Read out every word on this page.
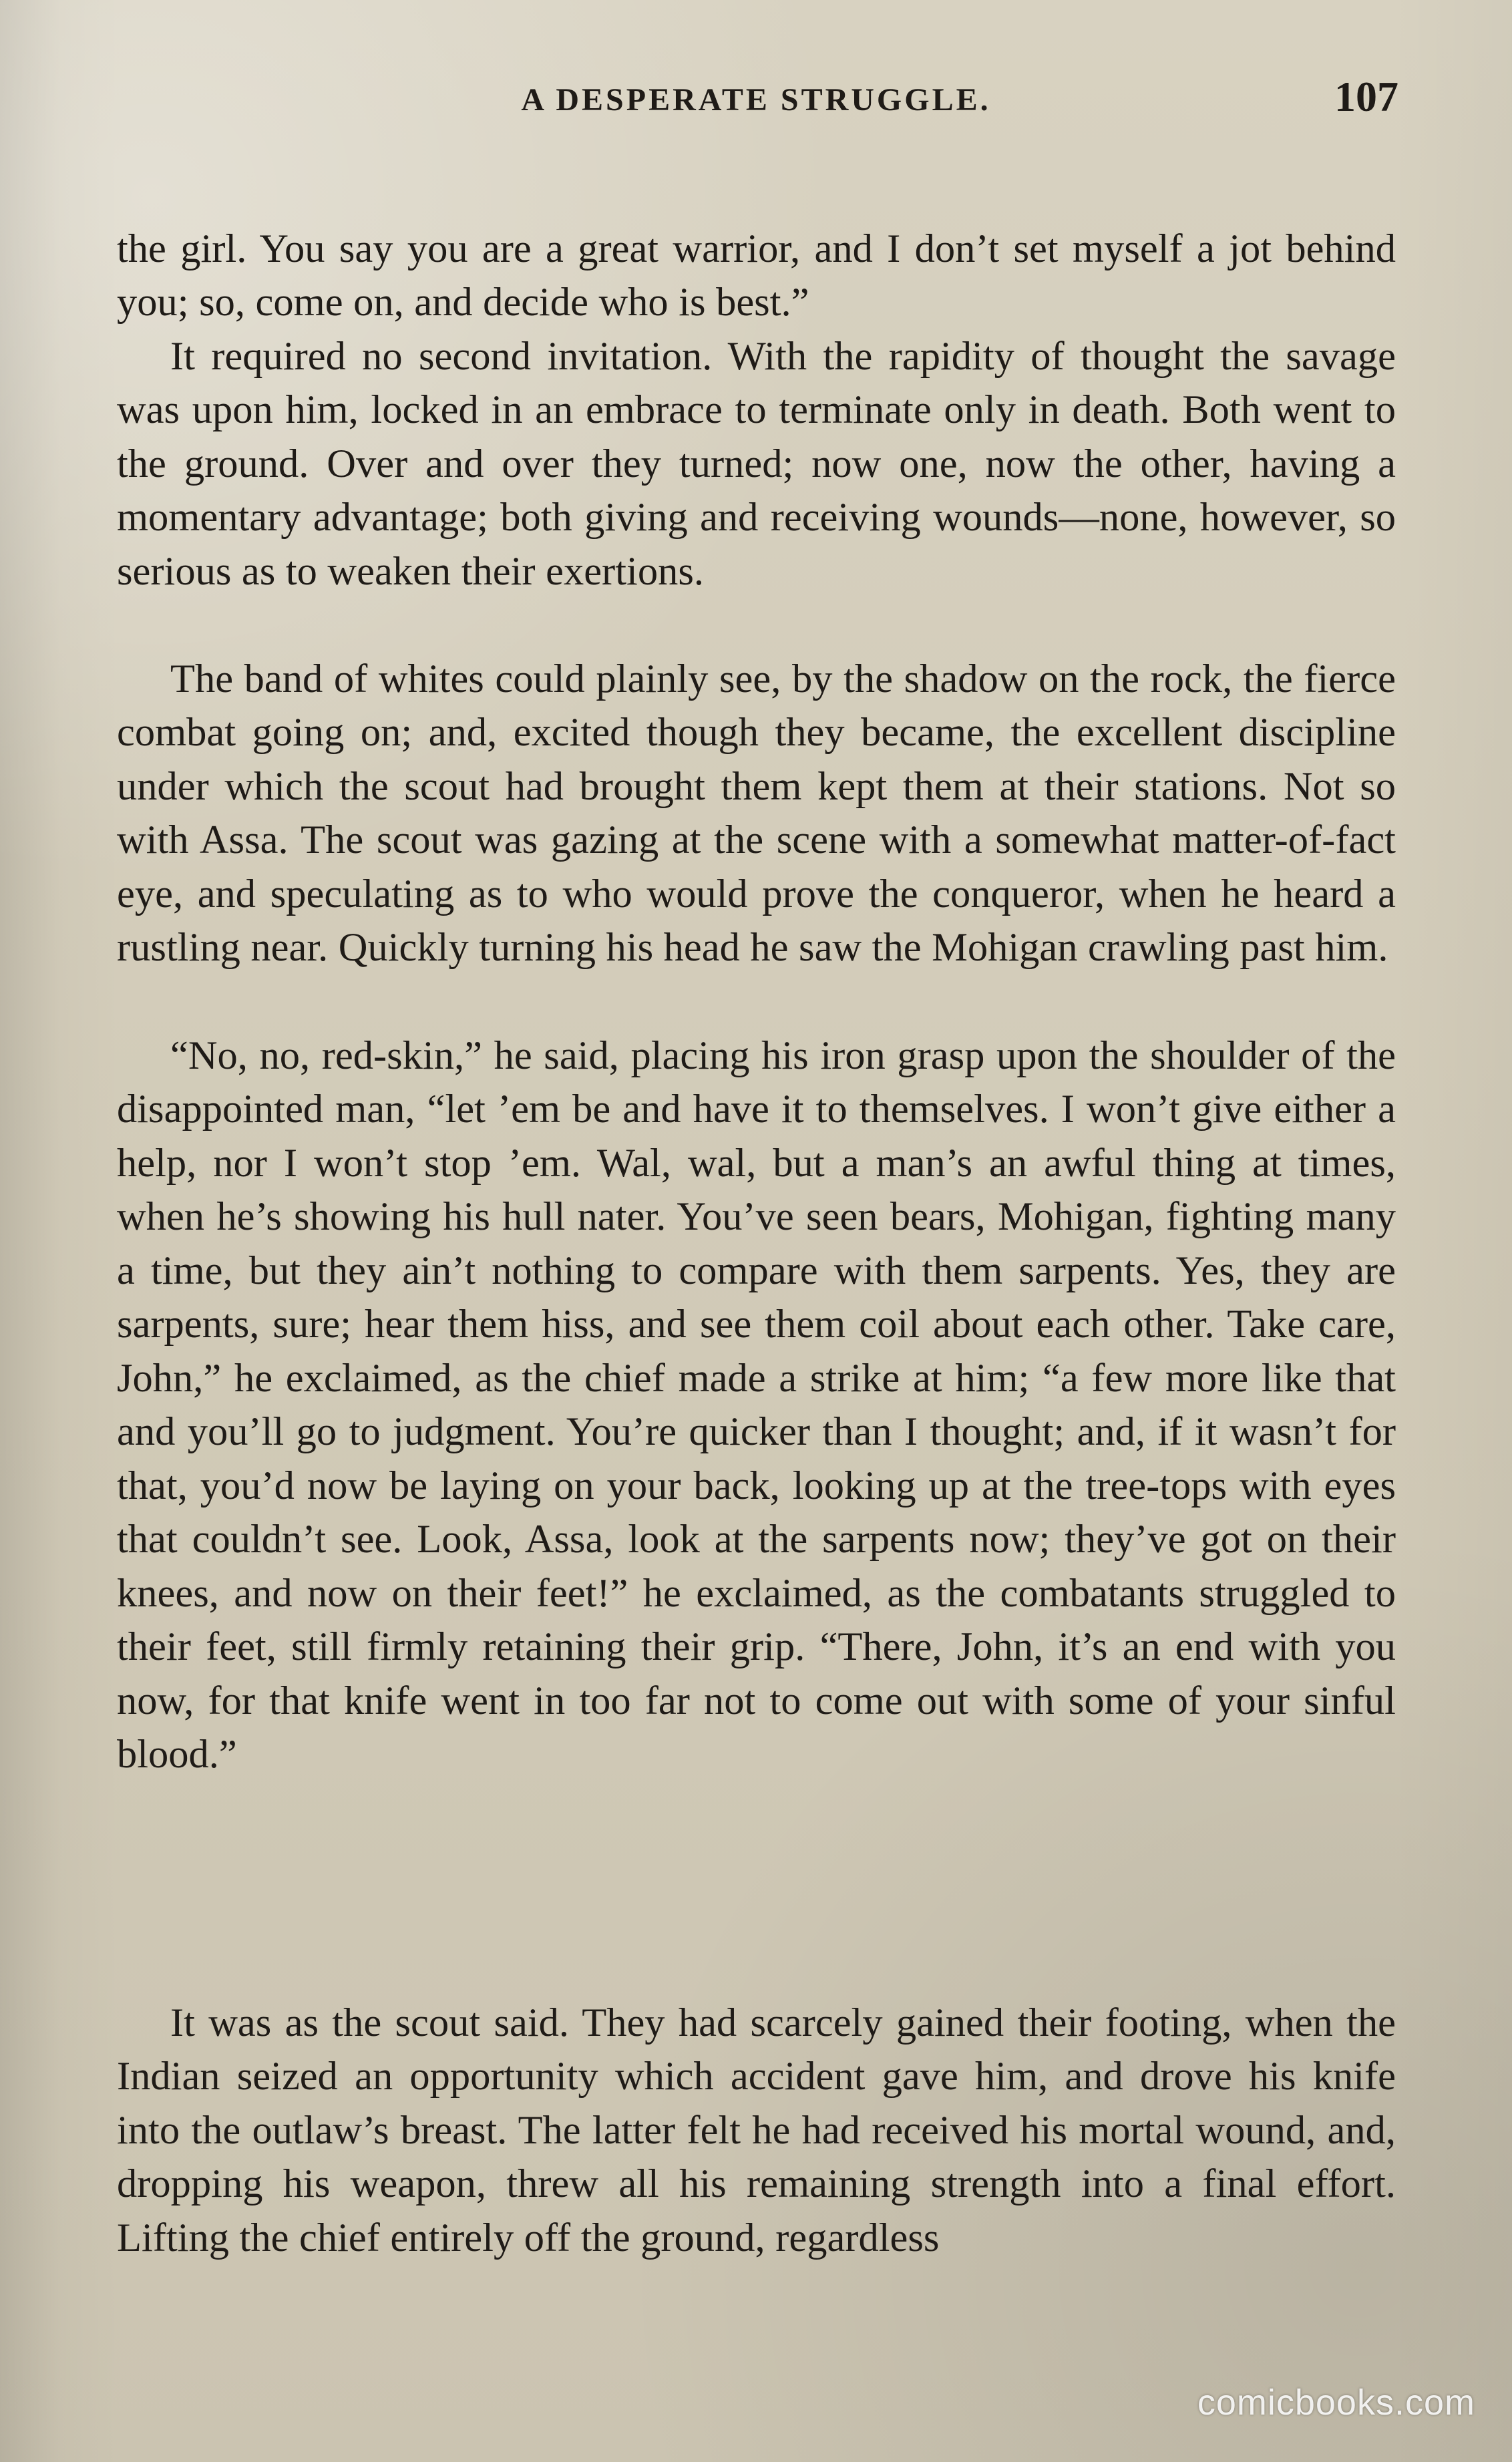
A DESPERATE STRUGGLE.	107

the girl. You say you are a great warrior, and I don’t set myself a jot behind you; so, come on, and decide who is best.”

It required no second invitation. With the rapidity of thought the savage was upon him, locked in an embrace to terminate only in death. Both went to the ground. Over and over they turned; now one, now the other, having a momentary advantage; both giving and receiving wounds—none, however, so serious as to weaken their exertions.

The band of whites could plainly see, by the shadow on the rock, the fierce combat going on; and, excited though they became, the excellent discipline under which the scout had brought them kept them at their stations. Not so with Assa. The scout was gazing at the scene with a somewhat matter-of-fact eye, and speculating as to who would prove the conqueror, when he heard a rustling near. Quickly turning his head he saw the Mohigan crawling past him.

“No, no, red-skin,” he said, placing his iron grasp upon the shoulder of the disappointed man, “let ’em be and have it to themselves. I won’t give either a help, nor I won’t stop ’em. Wal, wal, but a man’s an awful thing at times, when he’s showing his hull nater. You’ve seen bears, Mohigan, fighting many a time, but they ain’t nothing to compare with them sarpents. Yes, they are sarpents, sure; hear them hiss, and see them coil about each other. Take care, John,” he exclaimed, as the chief made a strike at him; “a few more like that and you’ll go to judgment. You’re quicker than I thought; and, if it wasn’t for that, you’d now be laying on your back, looking up at the tree-tops with eyes that couldn’t see. Look, Assa, look at the sarpents now; they’ve got on their knees, and now on their feet!” he exclaimed, as the combatants struggled to their feet, still firmly retaining their grip. “There, John, it’s an end with you now, for that knife went in too far not to come out with some of your sinful blood.”

It was as the scout said. They had scarcely gained their footing, when the Indian seized an opportunity which accident gave him, and drove his knife into the outlaw’s breast. The latter felt he had received his mortal wound, and, dropping his weapon, threw all his remaining strength into a final effort. Lifting the chief entirely off the ground, regardless

comicbooks.com
